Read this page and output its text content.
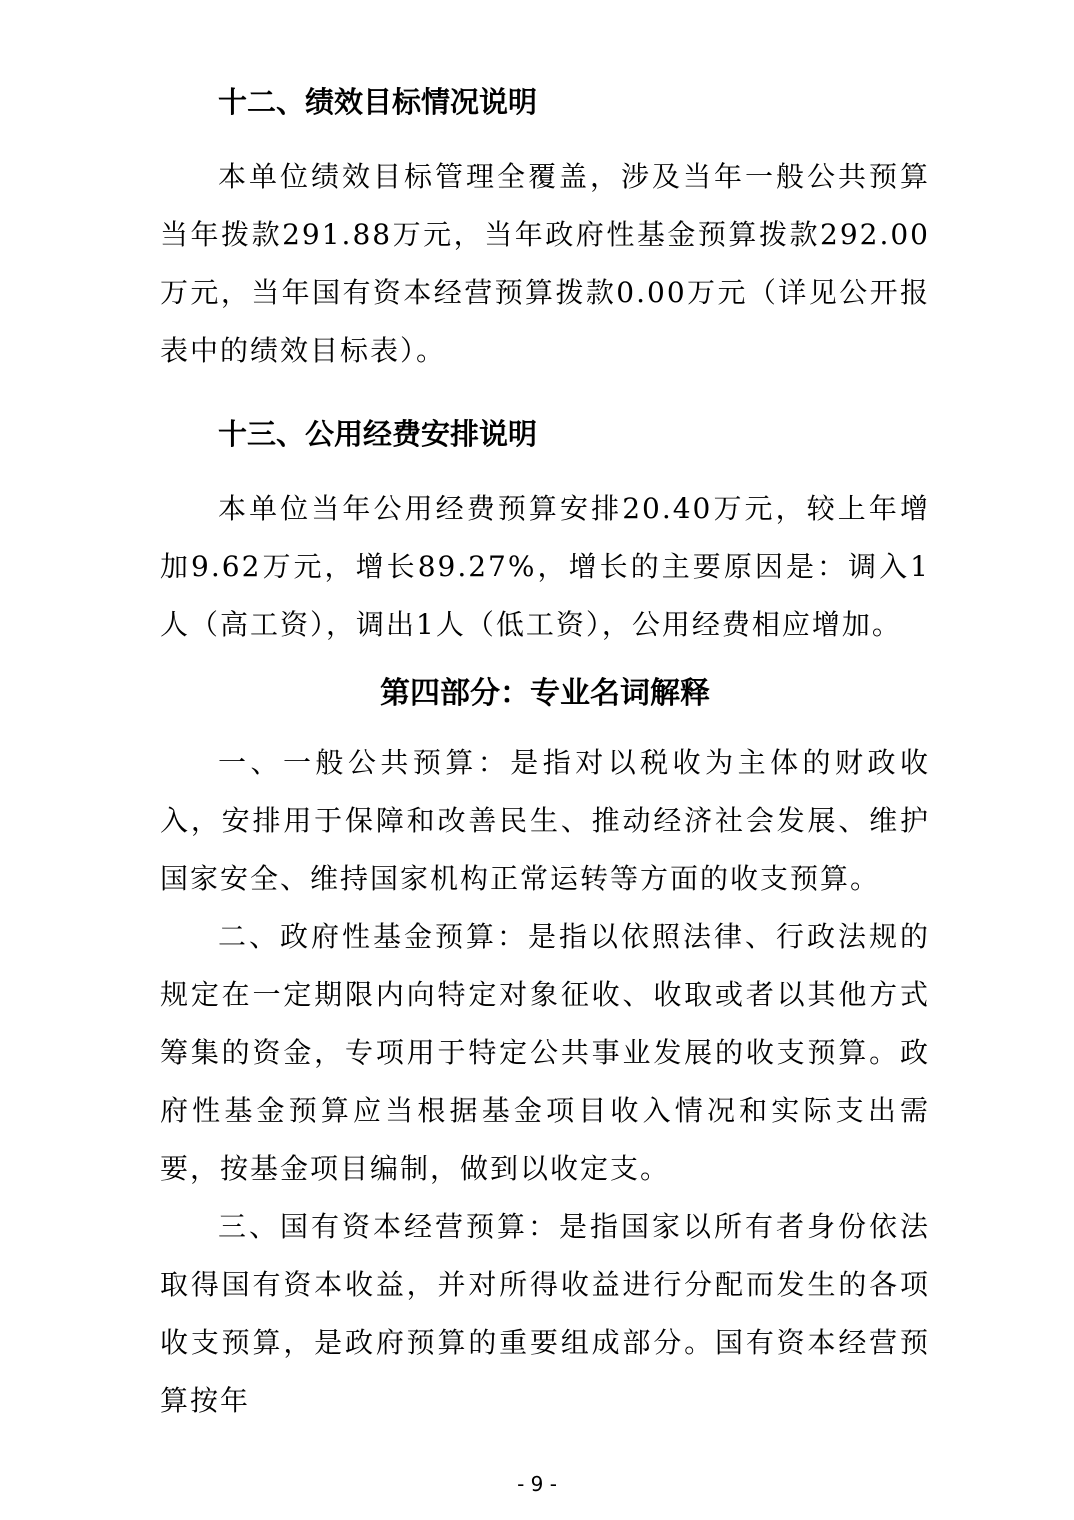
十二、绩效目标情况说明

本单位绩效目标管理全覆盖，涉及当年一般公共预算当年拨款291.88万元，当年政府性基金预算拨款292.00万元，当年国有资本经营预算拨款0.00万元（详见公开报表中的绩效目标表）。

十三、公用经费安排说明

本单位当年公用经费预算安排20.40万元，较上年增加9.62万元，增长89.27%，增长的主要原因是：调入1人（高工资），调出1人（低工资），公用经费相应增加。

第四部分：专业名词解释

一、一般公共预算：是指对以税收为主体的财政收入，安排用于保障和改善民生、推动经济社会发展、维护国家安全、维持国家机构正常运转等方面的收支预算。

二、政府性基金预算：是指以依照法律、行政法规的规定在一定期限内向特定对象征收、收取或者以其他方式筹集的资金，专项用于特定公共事业发展的收支预算。政府性基金预算应当根据基金项目收入情况和实际支出需要，按基金项目编制，做到以收定支。

三、国有资本经营预算：是指国家以所有者身份依法取得国有资本收益，并对所得收益进行分配而发生的各项收支预算，是政府预算的重要组成部分。国有资本经营预算按年

- 9 -
